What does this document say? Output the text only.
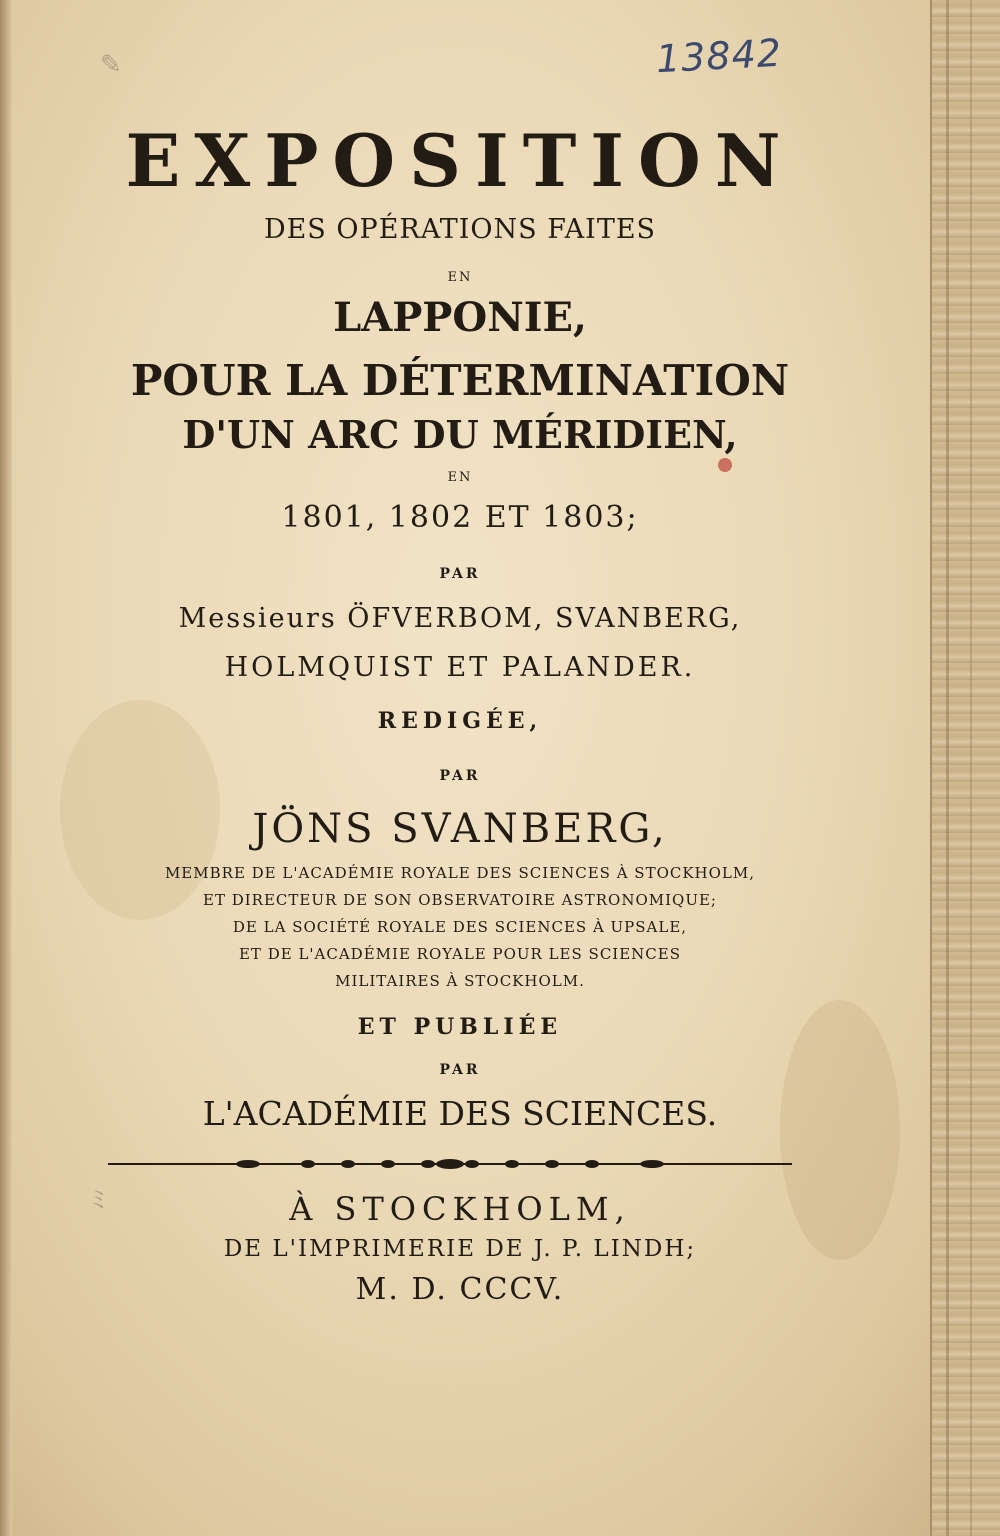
✎
ﾐ
13842
EXPOSITION
DES OPÉRATIONS FAITES
EN
LAPPONIE,
POUR LA DÉTERMINATION
D'UN ARC DU MÉRIDIEN,
EN
1801, 1802 ET 1803;
PAR
Messieurs ÖFVERBOM, SVANBERG,
HOLMQUIST ET PALANDER.
REDIGÉE,
PAR
JÖNS SVANBERG,
MEMBRE DE L'ACADÉMIE ROYALE DES SCIENCES À STOCKHOLM,
ET DIRECTEUR DE SON OBSERVATOIRE ASTRONOMIQUE;
DE LA SOCIÉTÉ ROYALE DES SCIENCES À UPSALE,
ET DE L'ACADÉMIE ROYALE POUR LES SCIENCES
MILITAIRES À STOCKHOLM.
ET PUBLIÉE
PAR
L'ACADÉMIE DES SCIENCES.
À STOCKHOLM,
DE L'IMPRIMERIE DE J. P. LINDH;
M. D. CCCV.
